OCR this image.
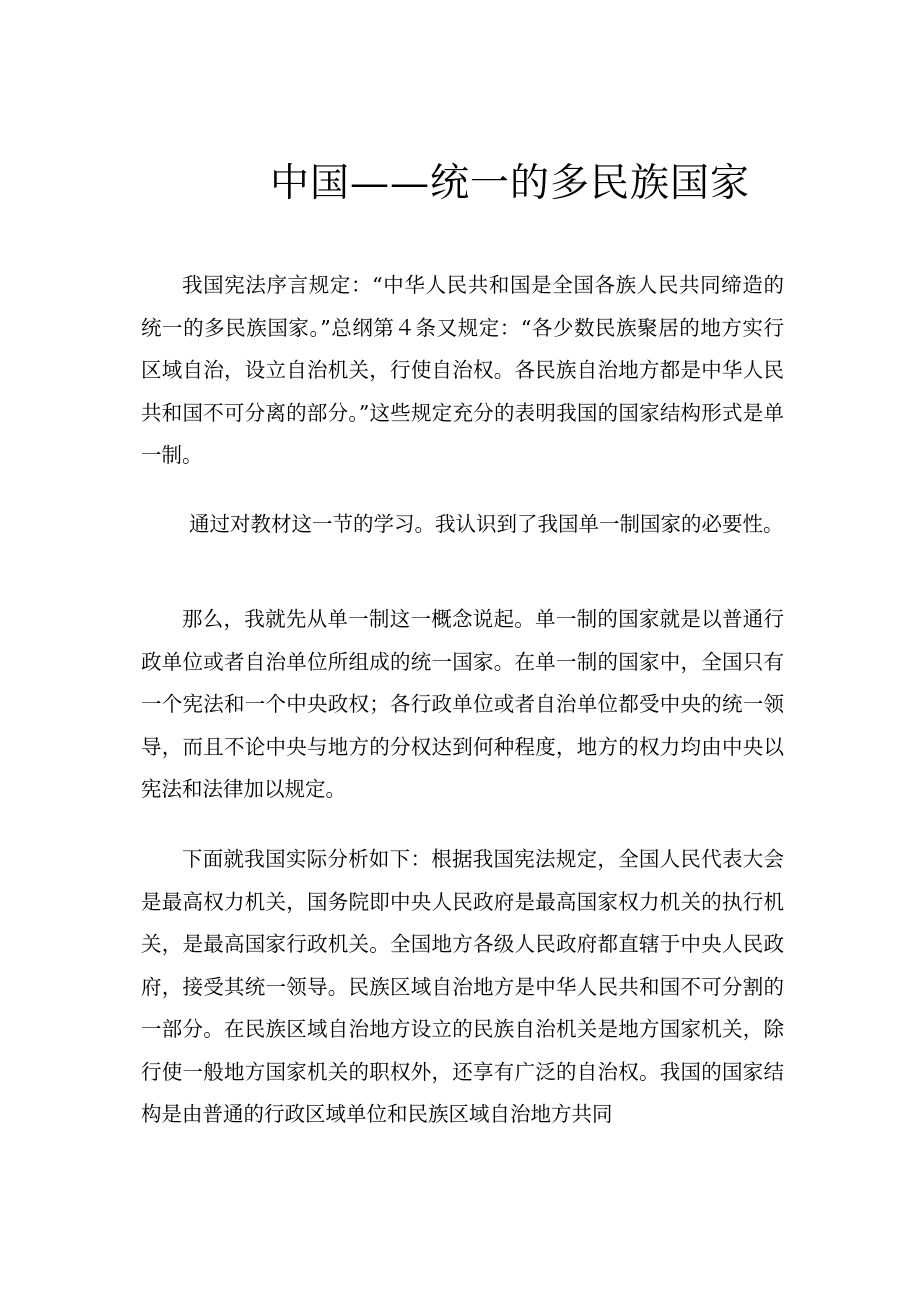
中国——统一的多民族国家

我国宪法序言规定：“中华人民共和国是全国各族人民共同缔造的统一的多民族国家。”总纲第４条又规定：“各少数民族聚居的地方实行区域自治，设立自治机关，行使自治权。各民族自治地方都是中华人民共和国不可分离的部分。”这些规定充分的表明我国的国家结构形式是单一制。

通过对教材这一节的学习。我认识到了我国单一制国家的必要性。

那么，我就先从单一制这一概念说起。单一制的国家就是以普通行政单位或者自治单位所组成的统一国家。在单一制的国家中，全国只有一个宪法和一个中央政权；各行政单位或者自治单位都受中央的统一领导，而且不论中央与地方的分权达到何种程度，地方的权力均由中央以宪法和法律加以规定。

下面就我国实际分析如下：根据我国宪法规定，全国人民代表大会是最高权力机关，国务院即中央人民政府是最高国家权力机关的执行机关，是最高国家行政机关。全国地方各级人民政府都直辖于中央人民政府，接受其统一领导。民族区域自治地方是中华人民共和国不可分割的一部分。在民族区域自治地方设立的民族自治机关是地方国家机关，除行使一般地方国家机关的职权外，还享有广泛的自治权。我国的国家结构是由普通的行政区域单位和民族区域自治地方共同
